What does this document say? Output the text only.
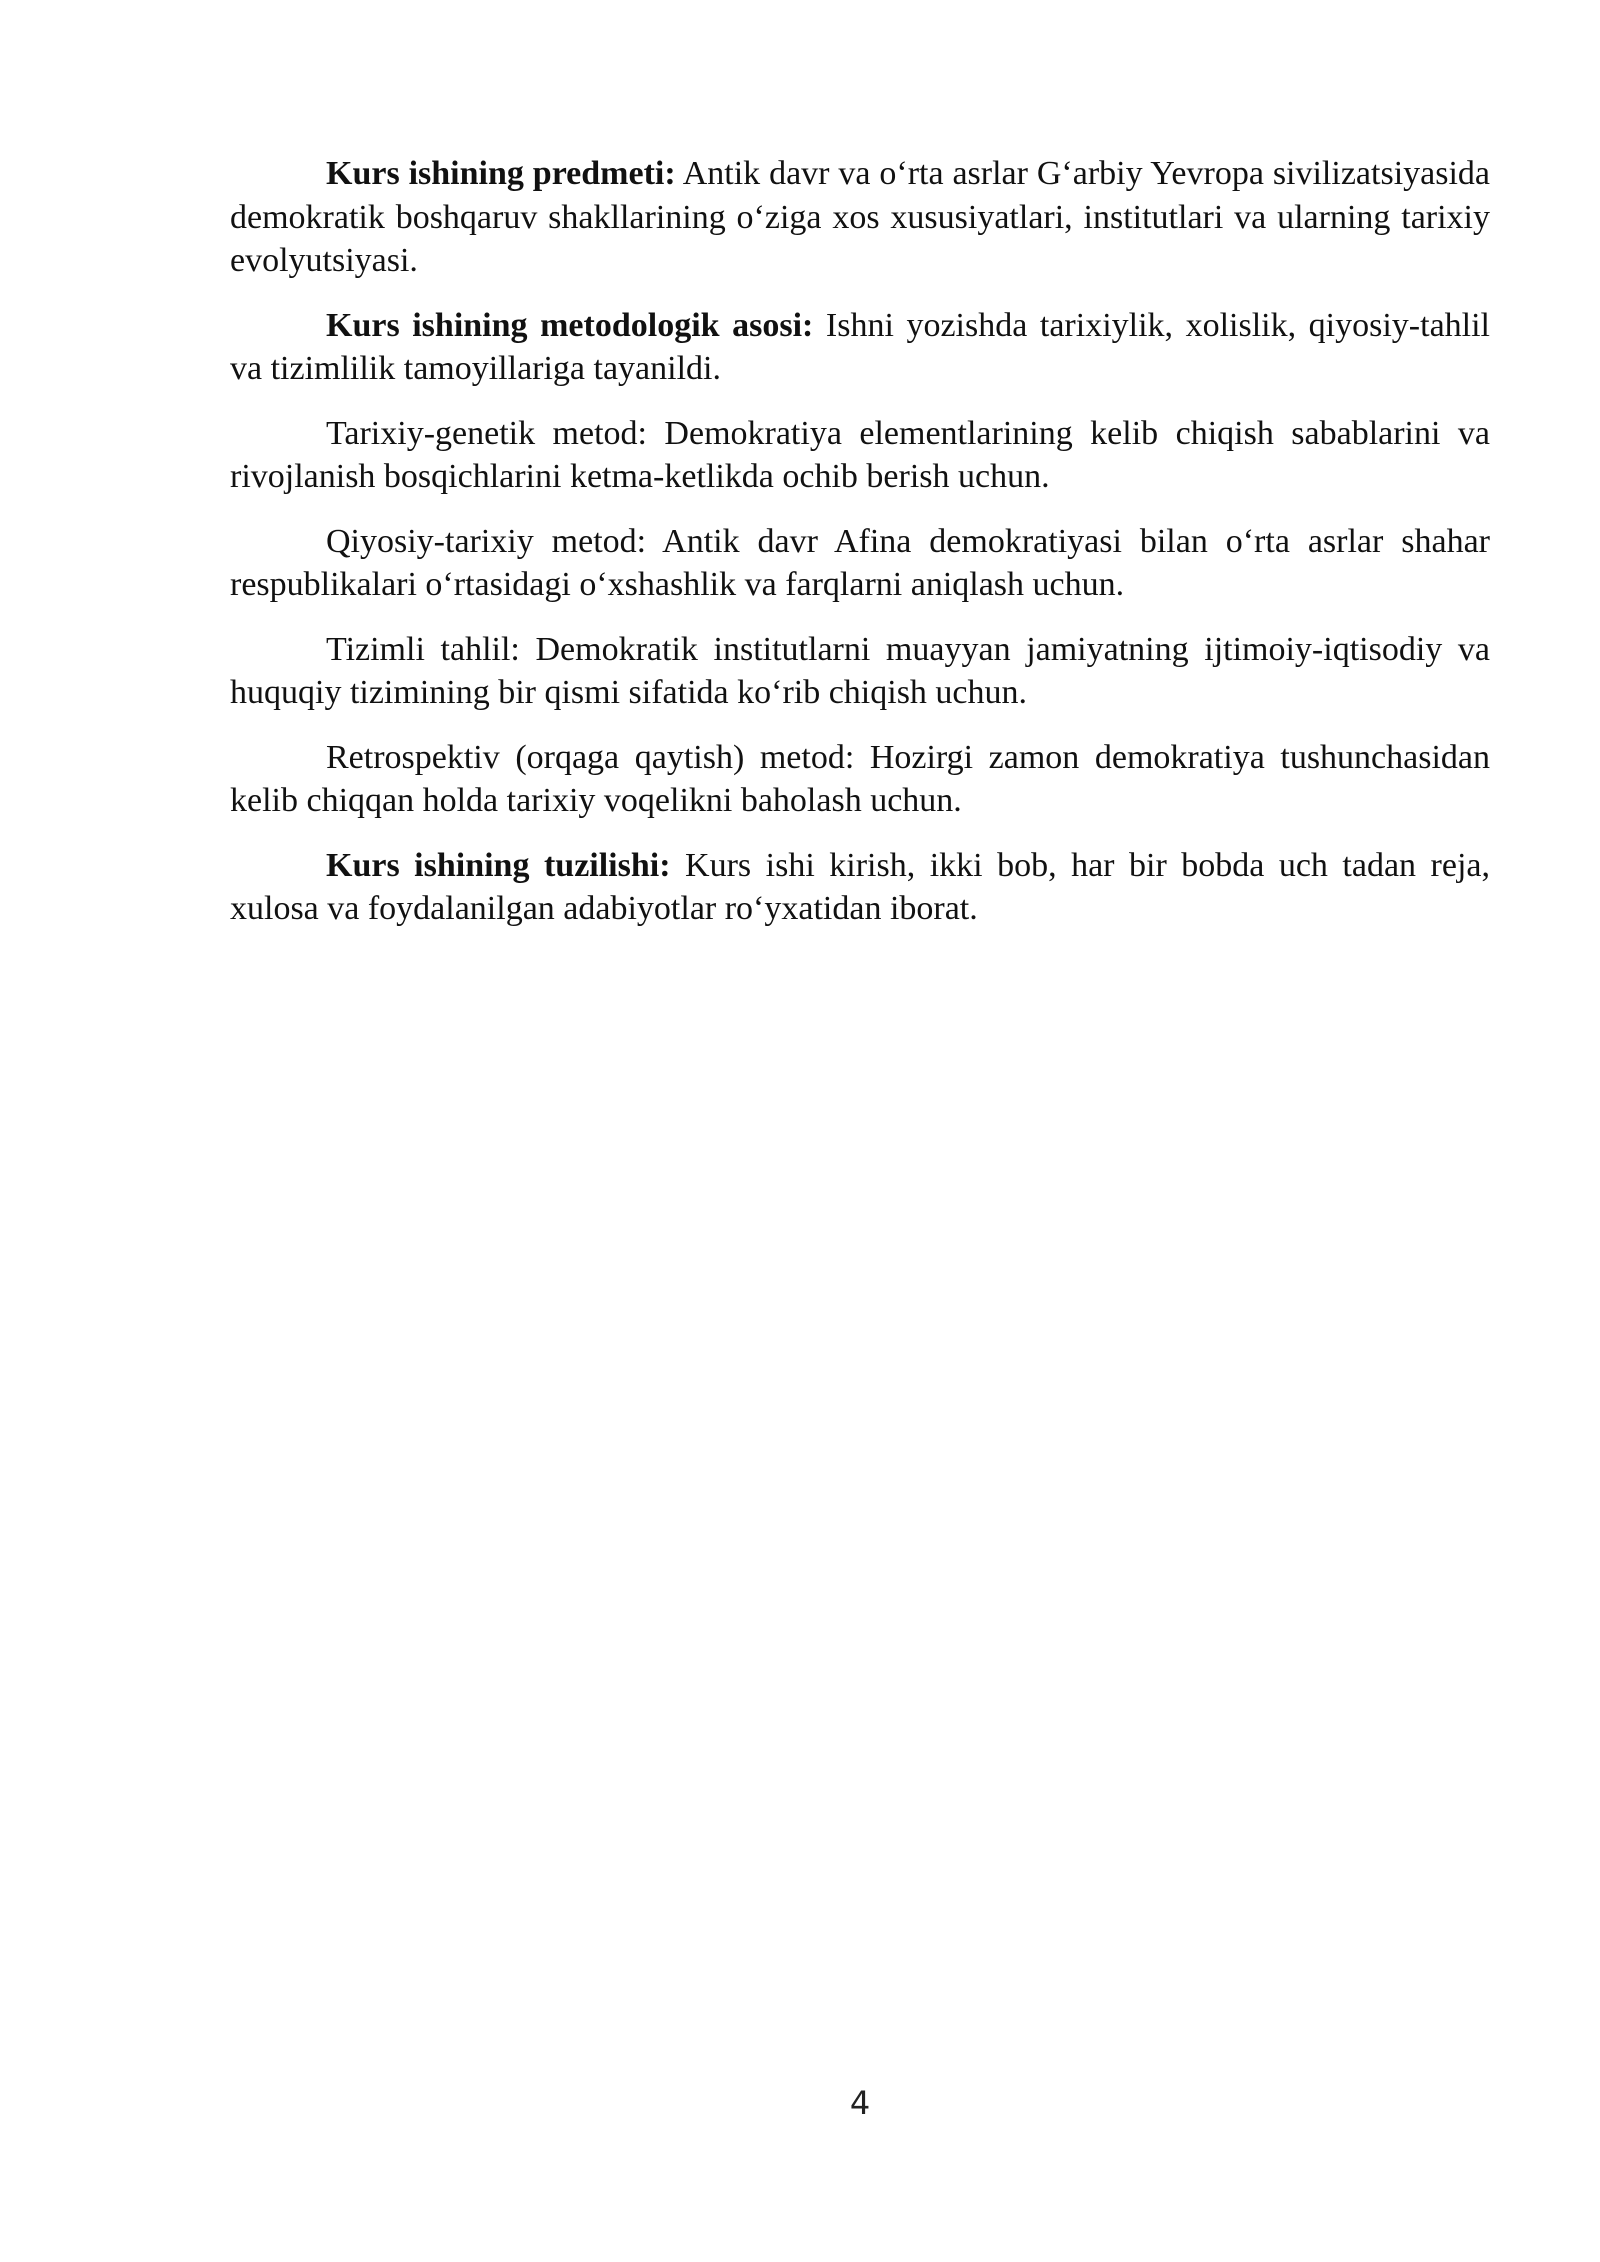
Kurs ishining predmeti: Antik davr va o‘rta asrlar G‘arbiy Yevropa sivilizatsiyasida demokratik boshqaruv shakllarining o‘ziga xos xususiyatlari, institutlari va ularning tarixiy evolyutsiyasi.

Kurs ishining metodologik asosi: Ishni yozishda tarixiylik, xolislik, qiyosiy-tahlil va tizimlilik tamoyillariga tayanildi.

Tarixiy-genetik metod: Demokratiya elementlarining kelib chiqish sabablarini va rivojlanish bosqichlarini ketma-ketlikda ochib berish uchun.

Qiyosiy-tarixiy metod: Antik davr Afina demokratiyasi bilan o‘rta asrlar shahar respublikalari o‘rtasidagi o‘xshashlik va farqlarni aniqlash uchun.

Tizimli tahlil: Demokratik institutlarni muayyan jamiyatning ijtimoiy-iqtisodiy va huquqiy tizimining bir qismi sifatida ko‘rib chiqish uchun.

Retrospektiv (orqaga qaytish) metod: Hozirgi zamon demokratiya tushunchasidan kelib chiqqan holda tarixiy voqelikni baholash uchun.

Kurs ishining tuzilishi: Kurs ishi kirish, ikki bob, har bir bobda uch tadan reja, xulosa va foydalanilgan adabiyotlar ro‘yxatidan iborat.

4
